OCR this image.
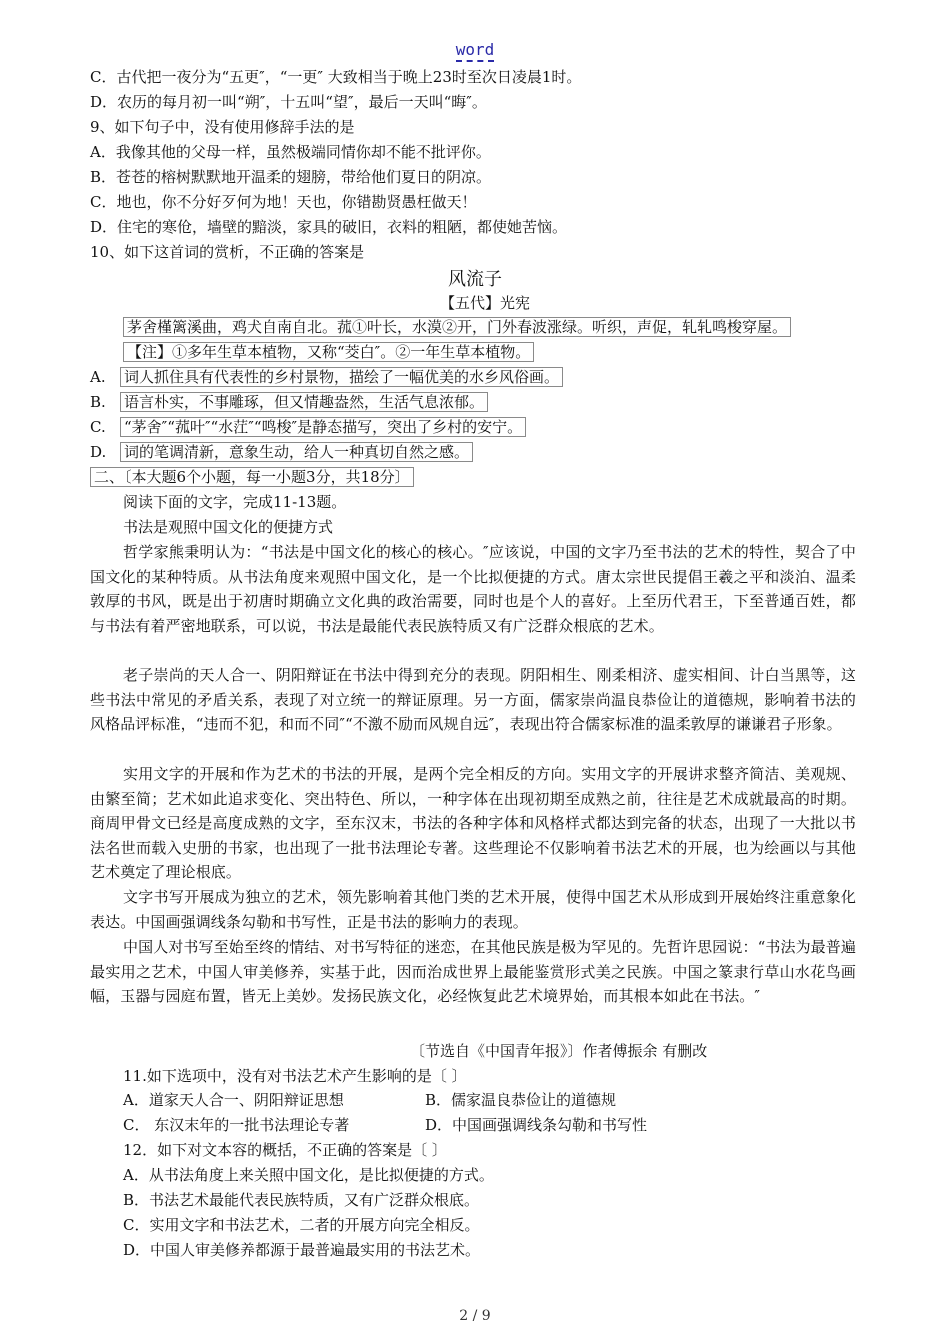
word
C．古代把一夜分为“五更″，“一更″ 大致相当于晚上23时至次日凌晨1时。
D．农历的每月初一叫“朔″，十五叫“望″，最后一天叫“晦″。
9、如下句子中，没有使用修辞手法的是
A．我像其他的父母一样，虽然极端同情你却不能不批评你。
B．苍苍的榕树默默地开温柔的翅膀，带给他们夏日的阴凉。
C．地也，你不分好歹何为地！天也，你错勘贤愚枉做天！
D．住宅的寒伧，墙壁的黯淡，家具的破旧，衣料的粗陋，都使她苦恼。
10、如下这首词的赏析，不正确的答案是
风流子
【五代】光宪
茅舍槿篱溪曲，鸡犬自南自北。菰①叶长，水漠②开，门外春波涨绿。听织，声促，轧轧鸣梭穿屋。
【注】①多年生草本植物，又称“茭白″。②一年生草本植物。
A. 词人抓住具有代表性的乡村景物，描绘了一幅优美的水乡风俗画。
B. 语言朴实，不事雕琢，但又情趣盎然，生活气息浓郁。
C. “茅舍″“菰叶″“水茳″“鸣梭″是静态描写，突出了乡村的安宁。
D. 词的笔调清新，意象生动，给人一种真切自然之感。
二、〔本大题6个小题，每一小题3分，共18分〕
阅读下面的文字，完成11-13题。
书法是观照中国文化的便捷方式
哲学家熊秉明认为：“书法是中国文化的核心的核心。″应该说，中国的文字乃至书法的艺术的特性，契合了中国文化的某种特质。从书法角度来观照中国文化，是一个比拟便捷的方式。唐太宗世民提倡王羲之平和淡泊、温柔敦厚的书风，既是出于初唐时期确立文化典的政治需要，同时也是个人的喜好。上至历代君王，下至普通百姓，都与书法有着严密地联系，可以说，书法是最能代表民族特质又有广泛群众根底的艺术。
老子崇尚的天人合一、阴阳辩证在书法中得到充分的表现。阴阳相生、刚柔相济、虚实相间、计白当黑等，这些书法中常见的矛盾关系，表现了对立统一的辩证原理。另一方面，儒家崇尚温良恭俭让的道德规，影响着书法的风格品评标准，“违而不犯，和而不同″“不激不励而风规自远″，表现出符合儒家标准的温柔敦厚的谦谦君子形象。
实用文字的开展和作为艺术的书法的开展，是两个完全相反的方向。实用文字的开展讲求整齐简洁、美观规、由繁至简；艺术如此追求变化、突出特色、所以，一种字体在出现初期至成熟之前，往往是艺术成就最高的时期。商周甲骨文已经是高度成熟的文字，至东汉末，书法的各种字体和风格样式都达到完备的状态，出现了一大批以书法名世而载入史册的书家，也出现了一批书法理论专著。这些理论不仅影响着书法艺术的开展，也为绘画以与其他艺术奠定了理论根底。
文字书写开展成为独立的艺术，领先影响着其他门类的艺术开展，使得中国艺术从形成到开展始终注重意象化表达。中国画强调线条勾勒和书写性，正是书法的影响力的表现。
中国人对书写至始至终的情结、对书写特征的迷恋，在其他民族是极为罕见的。先哲许思园说：“书法为最普遍最实用之艺术，中国人审美修养，实基于此，因而治成世界上最能鉴赏形式美之民族。中国之篆隶行草山水花鸟画幅，玉器与园庭布置，皆无上美妙。发扬民族文化，必经恢复此艺术境界始，而其根本如此在书法。″
〔节选自《中国青年报》〕作者傅振余 有删改
11.如下选项中，没有对书法艺术产生影响的是〔 〕
A．道家天人合一、阴阳辩证思想	B．儒家温良恭俭让的道德规
C． 东汉末年的一批书法理论专著	D．中国画强调线条勾勒和书写性
12．如下对文本容的概括，不正确的答案是〔 〕
A．从书法角度上来关照中国文化，是比拟便捷的方式。
B．书法艺术最能代表民族特质，又有广泛群众根底。
C．实用文字和书法艺术，二者的开展方向完全相反。
D．中国人审美修养都源于最普遍最实用的书法艺术。
2 / 9
